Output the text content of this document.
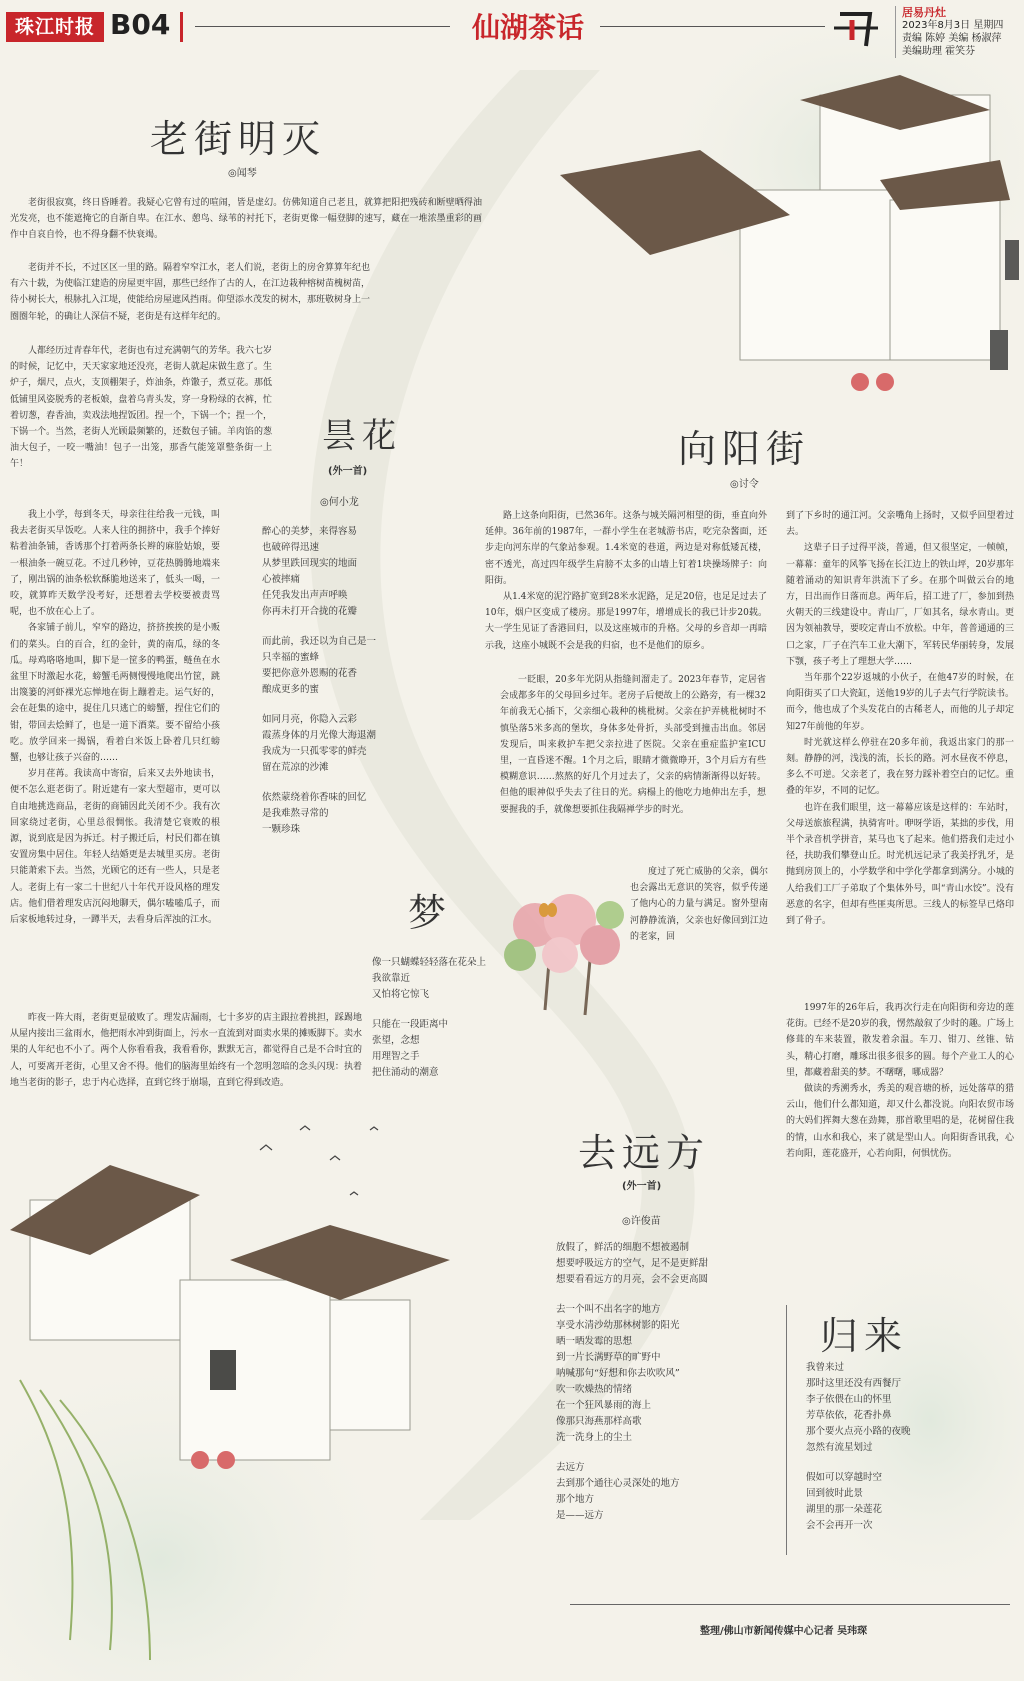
珠江时报 B04	仙湖茶话	居易丹灶
2023年8月3日 星期四
责编 陈婷 美编 杨淑萍
美编助理 霍笑芬
老街明灭
◎闻琴

老街很寂寞，终日昏睡着。我疑心它曾有过的喧闹，皆是虚幻。仿佛知道自己老且，就算把阳把残砖和断壁晒得油光发亮，也不能遮掩它的自渐自卑。在江水、憩鸟、绿苇的衬托下，老街更像一幅登脚的速写，藏在一堆浓墨重彩的画作中自哀自怜，也不得身翻不快衰竭。

老街并不长，不过区区一里的路。隔着窄窄江水，老人们说，老街上的房舍算算年纪也有六十载，为使临江建造的房屋更牢固，那些已经作了古的人，在江边栽种榕树苗槐树苗，待小树长大，根脉扎入江堤，使能给房屋遮风挡雨。仰望添水茂发的树木，那班敬树身上一圈圈年轮，的确让人深信不疑，老街是有这样年纪的。

人都经历过青春年代，老街也有过充满朝气的芳华。我六七岁的时候，记忆中，天天家家地还没亮，老街人就起床做生意了。生炉子，烟尺，点火，支顶棚架子，炸油条，炸馓子，煮豆花。那低低铺里风姿脱秀的老板娘，盘着乌青头发，穿一身粉绿的衣裤，忙着切葱，舂香油，卖戏法地捏饭团。捏一个，下锅一个；捏一个，下锅一个。当然，老街人光顾最频繁的，还数包子铺。羊肉馅的葱油大包子，一咬一嘴油！包子一出笼，那香气能笼罩整条街一上午！

我上小学，每到冬天，母亲往往给我一元钱，叫我去老街买早饭吃。人来人往的拥挤中，我手个捧好粘着油条铺，香诱那个打着两条长辫的麻脸姑娘，要一根油条一碗豆花。不过几秒钟，豆花热腾腾地端来了，刚出锅的油条松软酥脆地送来了，低头一喝，一咬，就算昨天数学没考好，还想着去学校要被责骂呢，也不放在心上了。

各家铺子前儿，窄窄的路边，挤挤挨挨的是小贩们的菜头。白的百合，红的金针，黄的南瓜，绿的冬瓜。母鸡咯咯地叫，脚下是一筐多的鸭蛋，鲢鱼在水盆里下时激起水花，螃蟹毛两侧慢慢地爬出竹筐，跳出篾篓的河虾裸光忘惮地在街上蹦着走。运气好的，会在赶集的途中，捉住几只逃亡的螃蟹，捏住它们的钳，带回去烩鲜了，也是一道下酒菜。要不留给小孩吃。放学回来一揭锅，看着白米饭上卧着几只红螃蟹，也够让孩子兴奋的……

岁月荏苒。我读高中寄宿，后来又去外地读书，便不怎么逛老街了。附近建有一家大型超市，更可以自由地挑选商品，老街的商铺因此关闭不少。我有次回家绕过老街，心里总很惆怅。我清楚它衰败的根源，说到底是因为拆迁。村子搬迁后，村民们都在镇安置房集中居住。年轻人结婚更是去城里买房。老街只能萧索下去。当然，光顾它的还有一些人，只是老人。老街上有一家二十世纪八十年代开设风格的理发店。他们借着理发店沉闷地聊天，偶尔嗑嗑瓜子，而后家板地转过身，一蹲半天，去看身后浑浊的江水。

昨夜一阵大雨，老街更显破败了。理发店漏雨，七十多岁的店主跟拉着挑担，踩踢地从屋内接出三盆雨水，他把雨水冲到街面上，污水一直流到对面卖水果的摊贩脚下。卖水果的人年纪也不小了。两个人你看看我，我看看你，默默无言，都觉得自己是不合时宜的人，可要离开老街，心里又舍不得。他们的脑海里始终有一个忽明忽暗的念头闪现：执着地当老街的影子，忠于内心选择，直到它终于崩塌，直到它得到改造。

昙花
(外一首)
◎何小龙

醉心的美梦，来得容易

也破碎得迅速

从梦里跌回现实的地面

心被摔痛

任凭我发出声声呼唤

你再未打开合拢的花瓣

而此前，我还以为自己是一

只幸福的蜜蜂

要把你意外恩赐的花香

酿成更多的蜜

如同月亮，你隐入云彩

霞蒸身体的月光像大海退潮

我成为一只孤零零的鲜壳

留在荒凉的沙滩

依然蒙绕着你香味的回忆

是我难熬寻常的

一颗珍珠

梦

像一只蝴蝶轻轻落在花朵上

我欲靠近

又怕将它惊飞

只能在一段距离中

张望，念想

用理智之手

把住涌动的潮意

向阳街
◎讨令

路上这条向阳街，已然36年。这条与城关隔河相望的街，垂直向外延伸。36年前的1987年，一群小学生在老城游书店，吃完杂酱面，还步走向河东岸的气象站参观。1.4米宽的巷道，两边是对称低矮瓦楼，密不透光，高过四年级学生肩膀不太多的山墙上钉着1块操场牌子：向阳街。

从1.4米宽的泥泞路扩宽到28米水泥路，足足20倍，也足足过去了10年，烟户区变成了楼房。那是1997年，增增成长的我已计步20载。大一学生见证了香港回归，以及这座城市的升格。父母的乡音却一再暗示我，这座小城既不会是我的归宿，也不是他们的原乡。

一眨眼，20多年光阴从指缝间溜走了。2023年春节，定居省会成都多年的父母回乡过年。老房子后便故上的公路旁，有一棵32年前我无心插下，父亲细心栽种的桃枇树。父亲在护弄桃枇树时不慎坠落5米多高的堡坎，身体多处骨折，头部受到撞击出血。邻居发现后，叫来救护车把父亲拉进了医院。父亲在重症监护室ICU里，一直昏迷不醒。1个月之后，眼睛才微微睁开，3个月后方有些模糊意识……熬熬的好几个月过去了，父亲的病情渐渐得以好转。但他的眼神似乎失去了往日的光。病榻上的他吃力地伸出左手，想要握我的手，就像想要抓住我隔禅学步的时光。

度过了死亡威胁的父亲，偶尔也会露出无意识的笑容，似乎传递了他内心的力量与满足。窗外望南河静静流淌，父亲也好像回到江边的老家，回

到了下乡时的通江河。父亲嘴角上扬时，又似乎回望着过去。

这辈子日子过得平淡，普通，但又很坚定，一帧帧，一幕幕：童年的风筝飞扬在长江边上的铁山坪，20岁那年随着涌动的知识青年洪流下了乡。在那个叫做云台的地方，日出而作日落而息。两年后，招工进了厂，参加到热火朝天的三线建设中。青山厂，厂如其名，绿水青山。更因为领袖教导，要咬定青山不放松。中年，普普通通的三口之家，厂子在汽车工业大潮下，军转民华丽转身，发展下颚，孩子考上了理想大学……

当年那个22岁返城的小伙子，在他47岁的时候，在向阳街买了口大瓷缸，送他19岁的儿子去气行学院读书。而今，他也成了个头发花白的古稀老人，而他的儿子却定知27年前他的年岁。

时光就这样么停驻在20多年前，我返出家门的那一刻。静静的河，浅浅的流，长长的路。河水昼夜不停息，多么不可逆。父亲老了，我在努力踩补着空白的记忆。重叠的年岁，不同的记忆。

也许在我们眼里，这一幕幕应该是这样的：车站时，父母送旅旅程满，执骑宵叶。咿呀学语，某拙的步伐，用半个录音机学拼音，某马也飞了起来。他们搭我们走过小径，扶助我们攀登山丘。时光机远记录了我美抒乳牙，是抛到房顶上的，小学数学和中学化学都拿到满分。小城的人给我们工厂子弟取了个集体外号，叫“青山水饺”。没有恶意的名字，但却有些匪夷所思。三线人的标签早已烙印到了骨子。

1997年的26年后，我再次行走在向阳街和旁边的莲花街。已经不是20岁的我，愣然敲叙了少时的趣。广场上修葺的车来装置，散发着余温。车刀、钳刀、丝锥、钻头，精心打磨，雕琢出很多很多的圆。每个产业工人的心里，都藏着甜美的梦。不曙曙，哪成器？

做读的秀溯秀水，秀美的观音塘的桥，远处落草的猎云山，他们什么都知道，却又什么都没说。向阳农贸市场的大妈们挥舞大葱在劲舞，那首歌里唱的是，花树留住我的情，山水和我心，来了就是型山人。向阳街香讯我，心若向阳，莲花盛开，心若向阳，何惧忧伤。

去远方
(外一首)
◎许俊苗

放假了，鲜活的细胞不想被遏制

想要呼吸远方的空气，足不是更鲜甜

想要看看远方的月亮，会不会更高圆

去一个叫不出名字的地方

享受水清沙幼那林树影的阳光

晒一晒发霉的思想

到一片长满野草的旷野中

呐喊那句“好想和你去吹吹风”

吹一吹燥热的情绪

在一个狂风暴雨的海上

像那只海燕那样高歌

洗一洗身上的尘土

去远方

去到那个通往心灵深处的地方

那个地方

是——远方

归来

我曾来过

那时这里还没有西餐厅

李子依偎在山的怀里

芳草依依，花香扑鼻

那个要火点亮小路的夜晚

忽然有流星划过

假如可以穿越时空

回到彼时此景

湖里的那一朵莲花

会不会再开一次

整理/佛山市新闻传媒中心记者 吴玮琛
